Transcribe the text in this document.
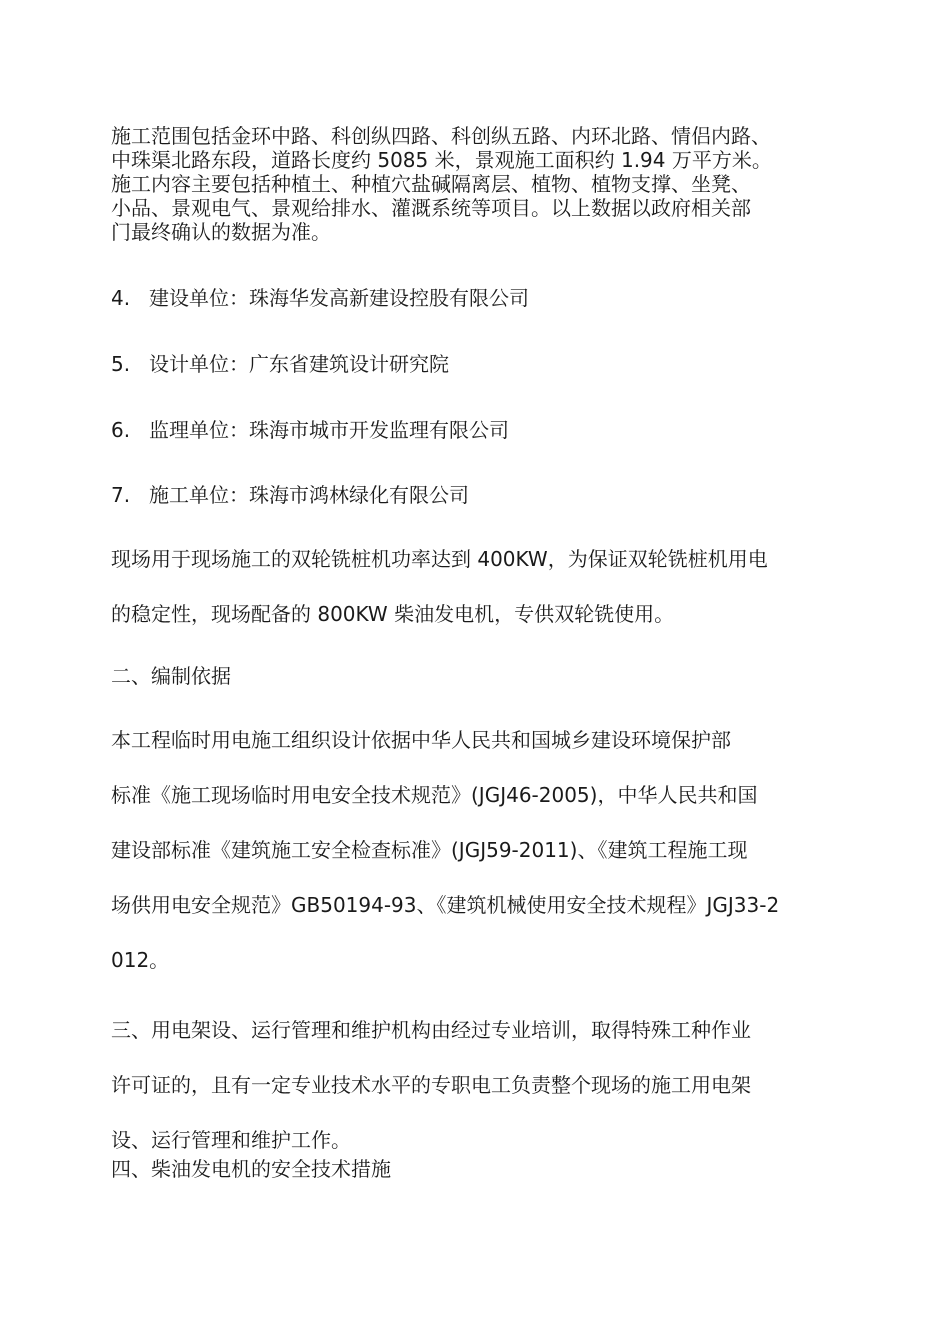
施工范围包括金环中路、科创纵四路、科创纵五路、内环北路、情侣内路、
中珠渠北路东段，道路长度约 5085 米，景观施工面积约 1.94 万平方米。
施工内容主要包括种植土、种植穴盐碱隔离层、植物、植物支撑、坐凳、
小品、景观电气、景观给排水、灌溉系统等项目。以上数据以政府相关部
门最终确认的数据为准。
4. 建设单位：珠海华发高新建设控股有限公司
5. 设计单位：广东省建筑设计研究院
6. 监理单位：珠海市城市开发监理有限公司
7. 施工单位：珠海市鸿林绿化有限公司
现场用于现场施工的双轮铣桩机功率达到 400KW，为保证双轮铣桩机用电
的稳定性，现场配备的 800KW 柴油发电机，专供双轮铣使用。
二、编制依据
本工程临时用电施工组织设计依据中华人民共和国城乡建设环境保护部
标准《施工现场临时用电安全技术规范》(JGJ46-2005)，中华人民共和国
建设部标准《建筑施工安全检查标准》(JGJ59-2011)、《建筑工程施工现
场供用电安全规范》GB50194-93、《建筑机械使用安全技术规程》JGJ33-2
012。
三、用电架设、运行管理和维护机构由经过专业培训，取得特殊工种作业
许可证的，且有一定专业技术水平的专职电工负责整个现场的施工用电架
设、运行管理和维护工作。
四、柴油发电机的安全技术措施
